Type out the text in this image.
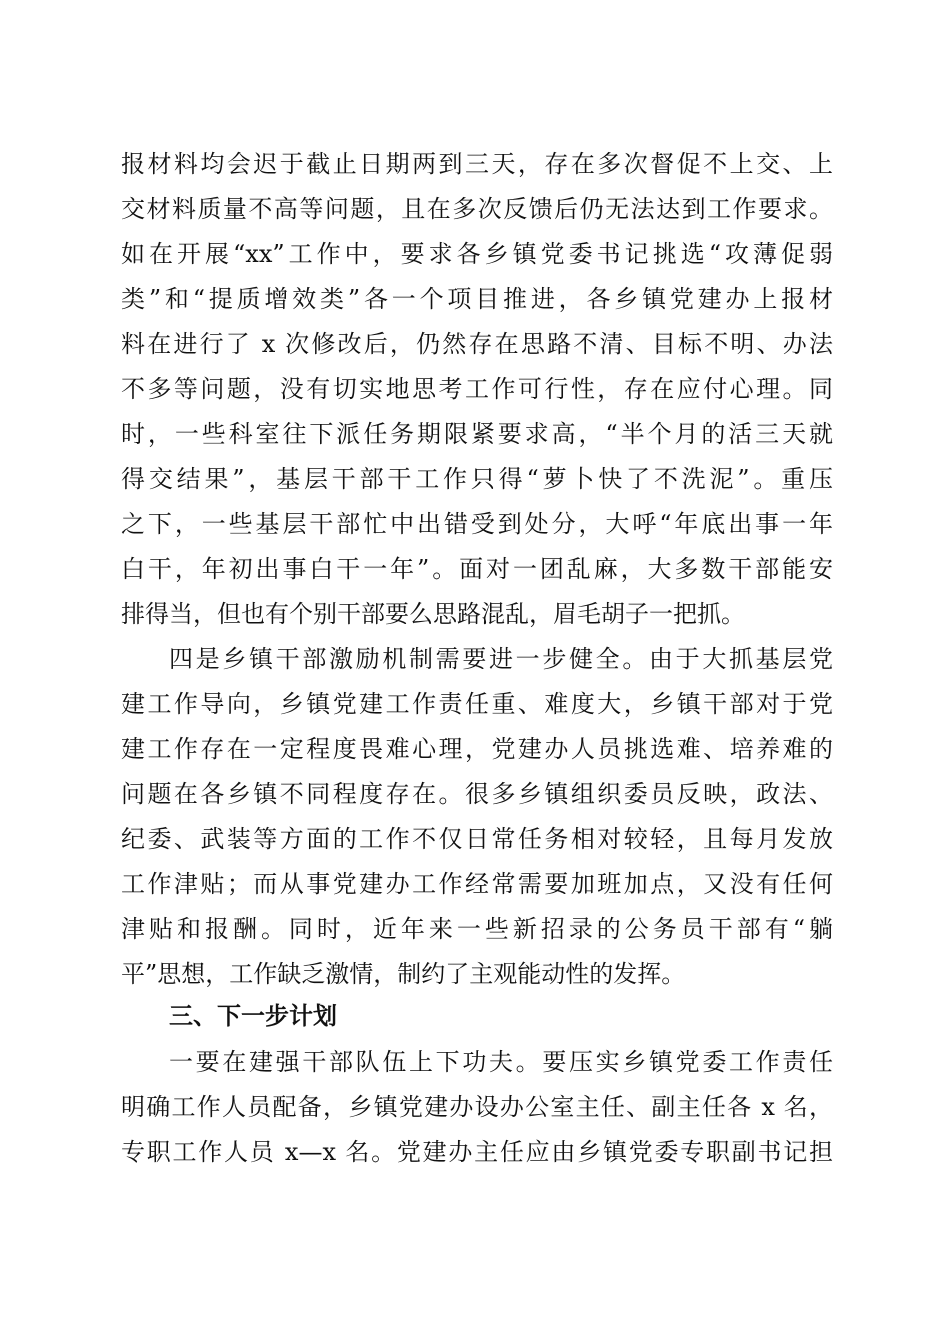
报材料均会迟于截止日期两到三天，存在多次督促不上交、上
交材料质量不高等问题，且在多次反馈后仍无法达到工作要求。
如在开展“xx”工作中，要求各乡镇党委书记挑选“攻薄促弱
类”和“提质增效类”各一个项目推进，各乡镇党建办上报材
料在进行了 x 次修改后，仍然存在思路不清、目标不明、办法
不多等问题，没有切实地思考工作可行性，存在应付心理。同
时，一些科室往下派任务期限紧要求高，“半个月的活三天就
得交结果”，基层干部干工作只得“萝卜快了不洗泥”。重压
之下，一些基层干部忙中出错受到处分，大呼“年底出事一年
白干，年初出事白干一年”。面对一团乱麻，大多数干部能安
排得当，但也有个别干部要么思路混乱，眉毛胡子一把抓。
四是乡镇干部激励机制需要进一步健全。由于大抓基层党
建工作导向，乡镇党建工作责任重、难度大，乡镇干部对于党
建工作存在一定程度畏难心理，党建办人员挑选难、培养难的
问题在各乡镇不同程度存在。很多乡镇组织委员反映，政法、
纪委、武装等方面的工作不仅日常任务相对较轻，且每月发放
工作津贴；而从事党建办工作经常需要加班加点，又没有任何
津贴和报酬。同时，近年来一些新招录的公务员干部有“躺
平”思想，工作缺乏激情，制约了主观能动性的发挥。
三、下一步计划
一要在建强干部队伍上下功夫。要压实乡镇党委工作责任
明确工作人员配备，乡镇党建办设办公室主任、副主任各 x 名，
专职工作人员 x—x 名。党建办主任应由乡镇党委专职副书记担
